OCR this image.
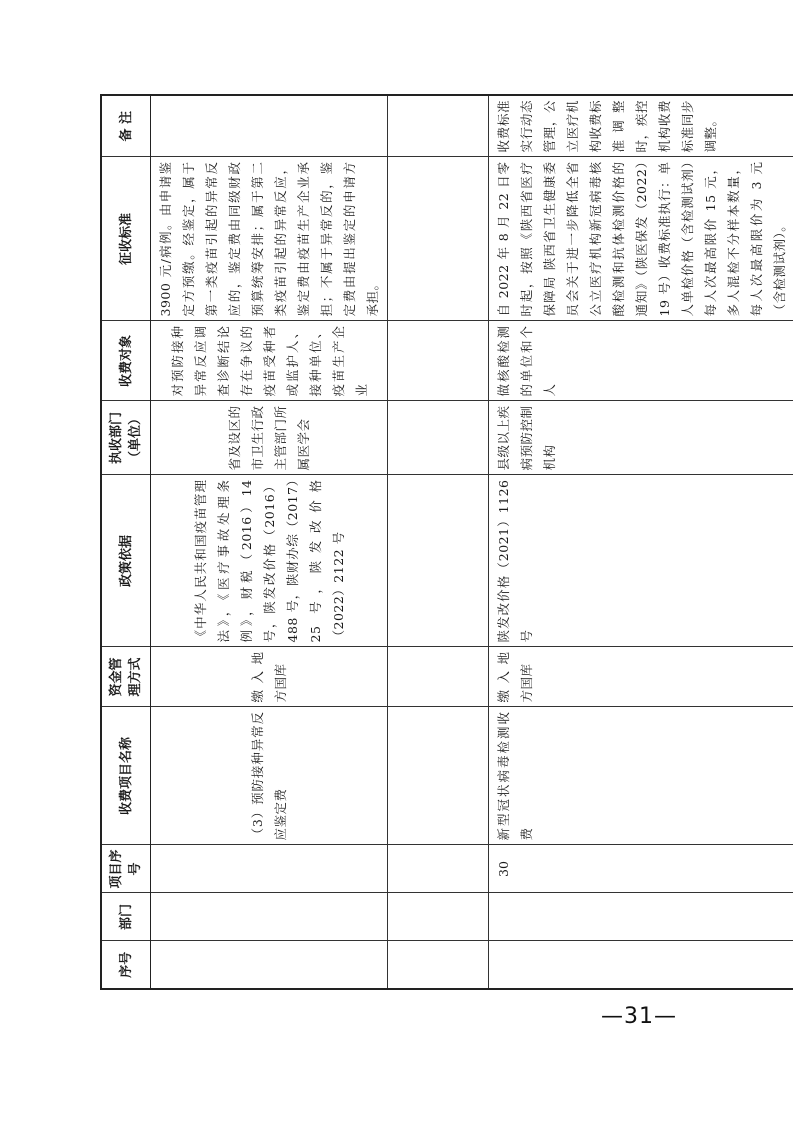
序号	部门	项目序号	收费项目名称	资金管理方式	政策依据	执收部门（单位）	收费对象	征收标准	备 注
			（3）预防接种异常反应鉴定费	缴入地方国库	《中华人民共和国疫苗管理法》，《医疗事故处理条例》，财税（2016）14 号，陕发改价格（2016）488 号，陕财办综（2017）25 号，陕发改价格（2022）2122 号	省及设区的市卫生行政主管部门所属医学会	对预防接种异常反应调查诊断结论存在争议的疫苗受种者或监护人、接种单位、疫苗生产企业	3900 元/病例。由申请鉴定方预缴。经鉴定，属于第一类疫苗引起的异常反应的，鉴定费由同级财政预算统筹安排；属于第二类疫苗引起的异常反应，鉴定费由疫苗生产企业承担；不属于异常反的，鉴定费由提出鉴定的申请方承担。	

		30	新型冠状病毒检测收费	缴入地方国库	陕发改价格（2021）1126 号	县级以上疾病预防控制机构	做核酸检测的单位和个人	自 2022 年 8 月 22 日零时起，按照《陕西省医疗保障局 陕西省卫生健康委员会关于进一步降低全省公立医疗机构新冠病毒核酸检测和抗体检测价格的通知》（陕医保发（2022）19 号）收费标准执行：单人单检价格（含检测试剂）每人次最高限价 15 元，多人混检不分样本数量，每人次最高限价为 3 元（含检测试剂）。	收费标准实行动态管理，公立医疗机构收费标准调整时，疾控机构收费标准同步调整。

—31—
